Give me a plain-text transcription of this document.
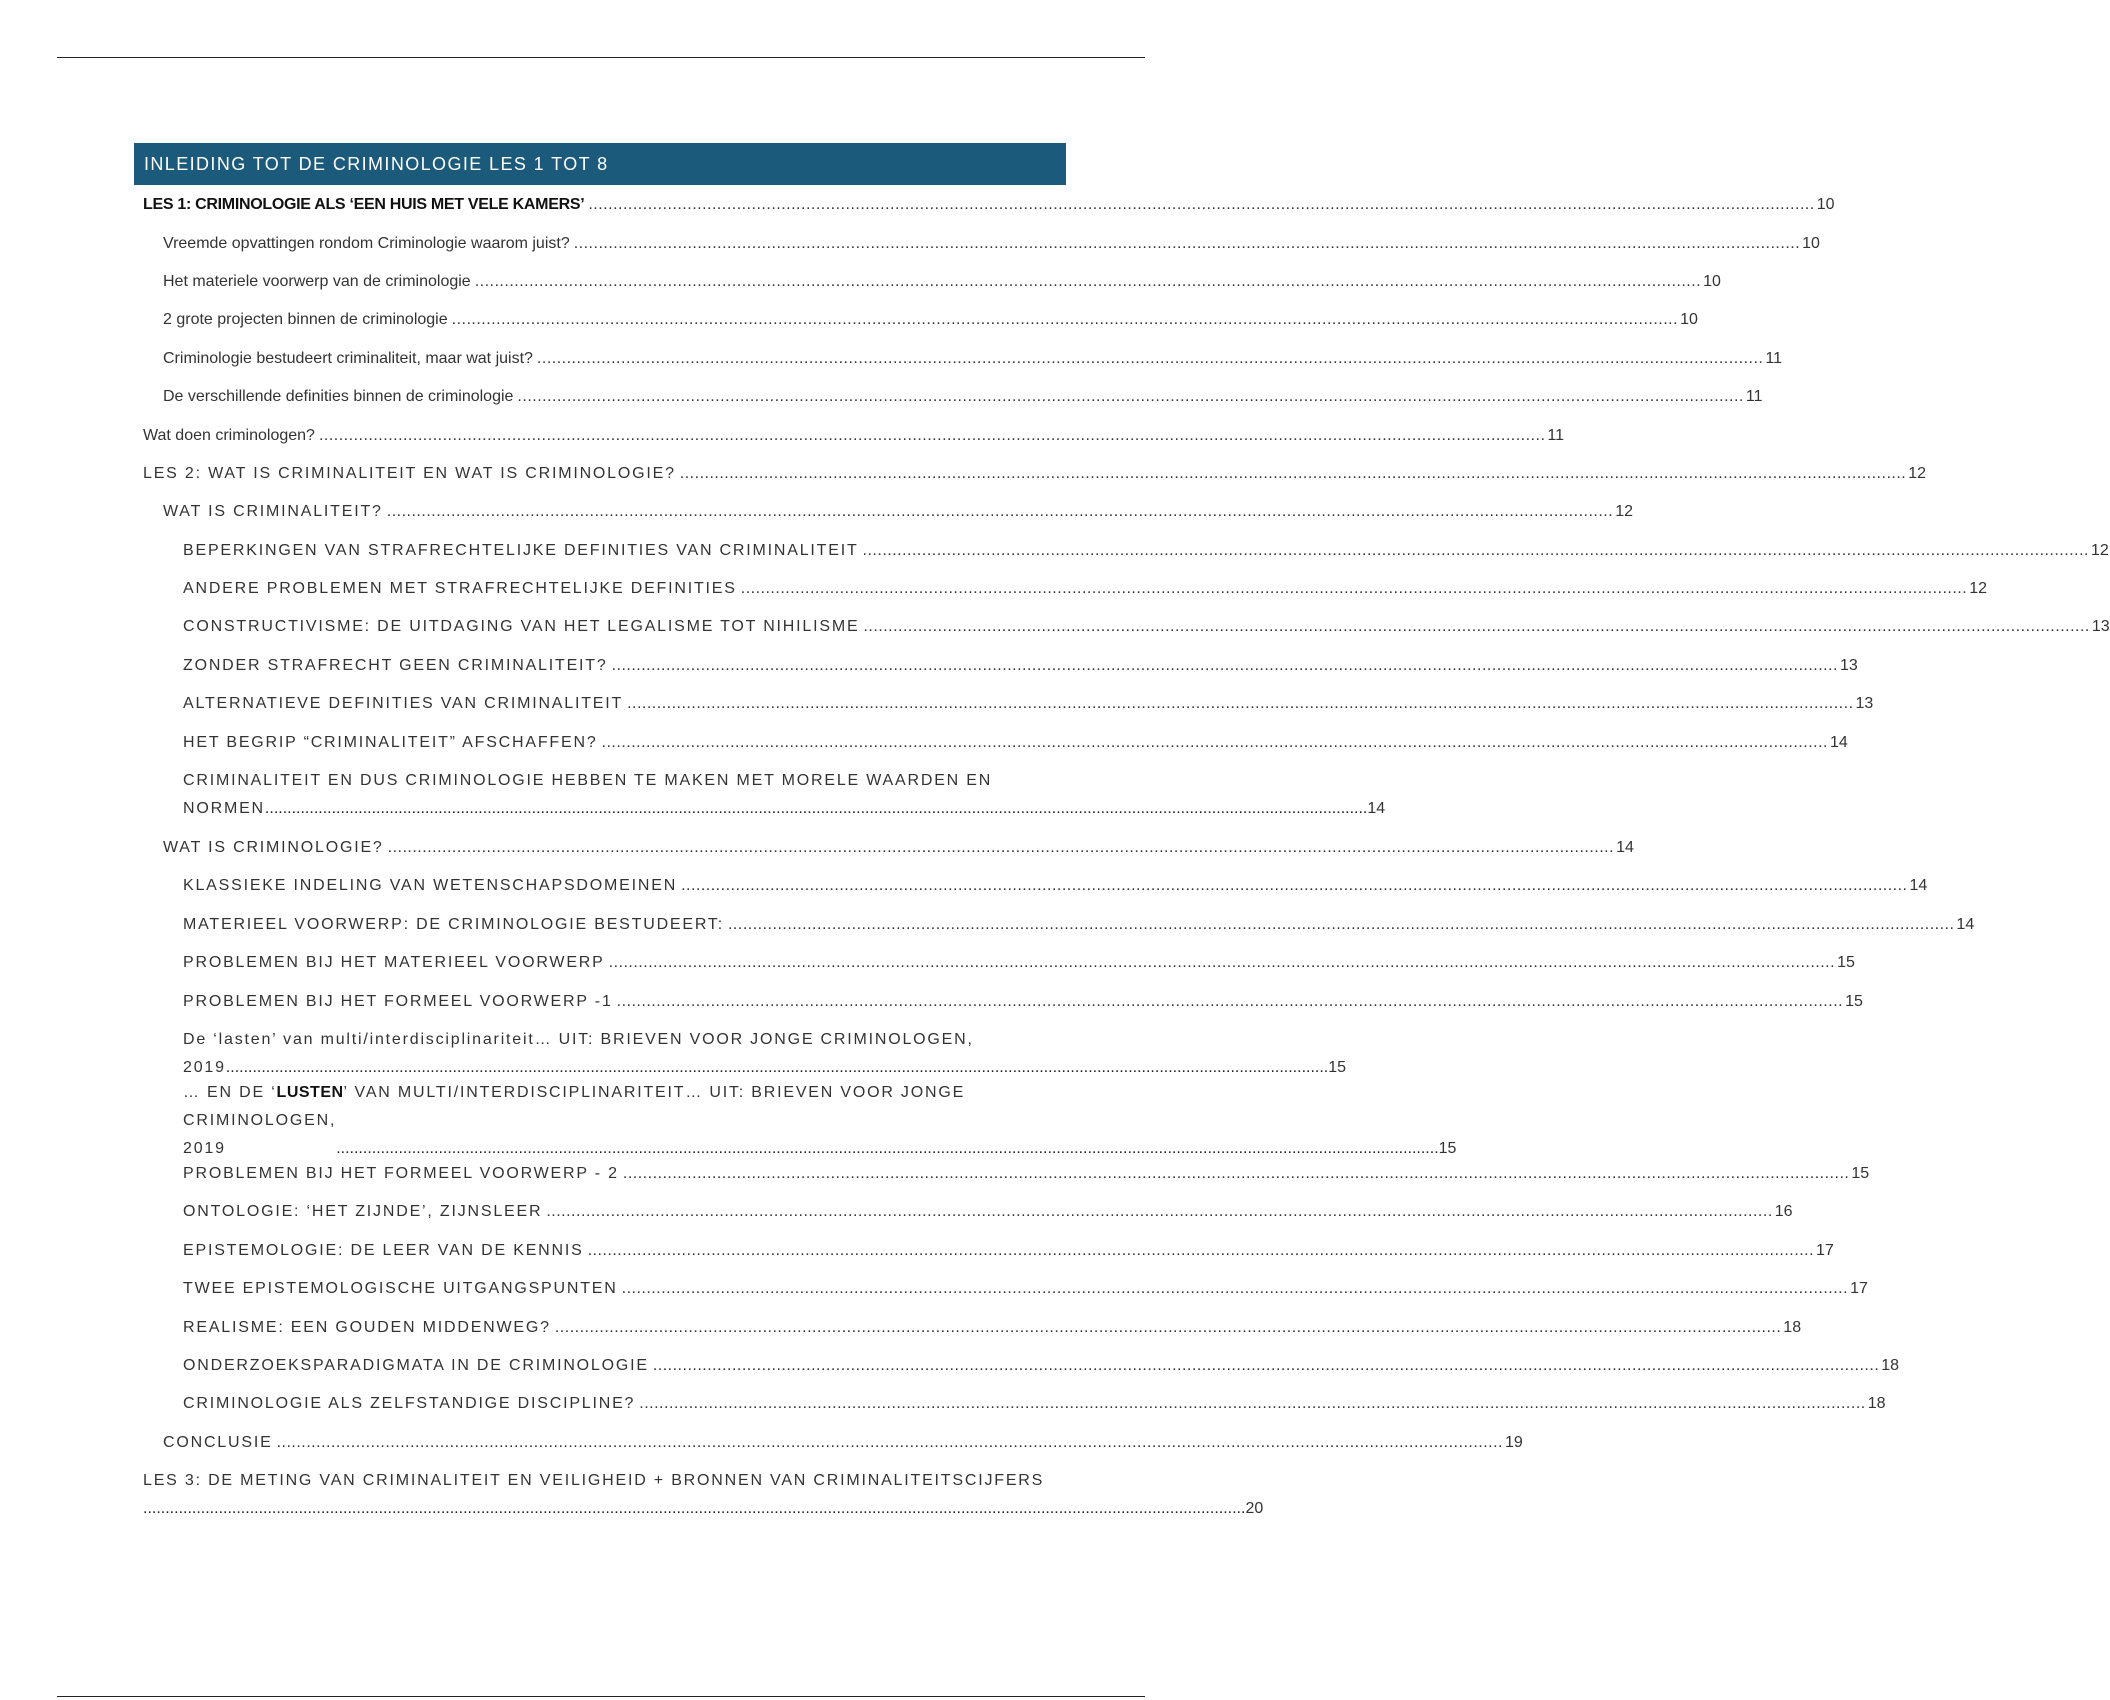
INLEIDING TOT DE CRIMINOLOGIE LES 1 TOT 8
LES 1: CRIMINOLOGIE ALS ‘EEN HUIS MET VELE KAMERS’ ........................................................................................................................................................................................................................................................ 10
Vreemde opvattingen rondom Criminologie waarom juist? ........................................................................................................................................................................................................................................................ 10
Het materiele voorwerp van de criminologie ........................................................................................................................................................................................................................................................ 10
2 grote projecten binnen de criminologie ........................................................................................................................................................................................................................................................ 10
Criminologie bestudeert criminaliteit, maar wat juist? ........................................................................................................................................................................................................................................................ 11
De verschillende definities binnen de criminologie ........................................................................................................................................................................................................................................................ 11
Wat doen criminologen? ........................................................................................................................................................................................................................................................ 11
LES 2: WAT IS CRIMINALITEIT EN WAT IS CRIMINOLOGIE? ........................................................................................................................................................................................................................................................ 12
WAT IS CRIMINALITEIT? ........................................................................................................................................................................................................................................................ 12
BEPERKINGEN VAN STRAFRECHTELIJKE DEFINITIES VAN CRIMINALITEIT ........................................................................................................................................................................................................................................................ 12
ANDERE PROBLEMEN MET STRAFRECHTELIJKE DEFINITIES ........................................................................................................................................................................................................................................................ 12
CONSTRUCTIVISME: DE UITDAGING VAN HET LEGALISME TOT NIHILISME ........................................................................................................................................................................................................................................................ 13
ZONDER STRAFRECHT GEEN CRIMINALITEIT? ........................................................................................................................................................................................................................................................ 13
ALTERNATIEVE DEFINITIES VAN CRIMINALITEIT ........................................................................................................................................................................................................................................................ 13
HET BEGRIP “CRIMINALITEIT” AFSCHAFFEN? ........................................................................................................................................................................................................................................................ 14
CRIMINALITEIT EN DUS CRIMINOLOGIE HEBBEN TE MAKEN MET MORELE WAARDEN EN
NORMEN ........................................................................................................................................................................................................................................................ 14
WAT IS CRIMINOLOGIE? ........................................................................................................................................................................................................................................................ 14
KLASSIEKE INDELING VAN WETENSCHAPSDOMEINEN ........................................................................................................................................................................................................................................................ 14
MATERIEEL VOORWERP: DE CRIMINOLOGIE BESTUDEERT: ........................................................................................................................................................................................................................................................ 14
PROBLEMEN BIJ HET MATERIEEL VOORWERP ........................................................................................................................................................................................................................................................ 15
PROBLEMEN BIJ HET FORMEEL VOORWERP -1 ........................................................................................................................................................................................................................................................ 15
De ‘lasten’ van multi/interdisciplinariteit… UIT: BRIEVEN VOOR JONGE CRIMINOLOGEN,
2019 ........................................................................................................................................................................................................................................................ 15
… EN DE ‘LUSTEN’ VAN MULTI/INTERDISCIPLINARITEIT… UIT: BRIEVEN VOOR JONGE
CRIMINOLOGEN, 2019	........................................................................................................................................................................................................................................................ 15
PROBLEMEN BIJ HET FORMEEL VOORWERP - 2 ........................................................................................................................................................................................................................................................ 15
ONTOLOGIE: ‘HET ZIJNDE’, ZIJNSLEER ........................................................................................................................................................................................................................................................ 16
EPISTEMOLOGIE: DE LEER VAN DE KENNIS ........................................................................................................................................................................................................................................................ 17
TWEE EPISTEMOLOGISCHE UITGANGSPUNTEN ........................................................................................................................................................................................................................................................ 17
REALISME: EEN GOUDEN MIDDENWEG? ........................................................................................................................................................................................................................................................ 18
ONDERZOEKSPARADIGMATA IN DE CRIMINOLOGIE ........................................................................................................................................................................................................................................................ 18
CRIMINOLOGIE ALS ZELFSTANDIGE DISCIPLINE? ........................................................................................................................................................................................................................................................ 18
CONCLUSIE ........................................................................................................................................................................................................................................................ 19
LES 3: DE METING VAN CRIMINALITEIT EN VEILIGHEID + BRONNEN VAN CRIMINALITEITSCIJFERS
........................................................................................................................................................................................................................................................ 20
